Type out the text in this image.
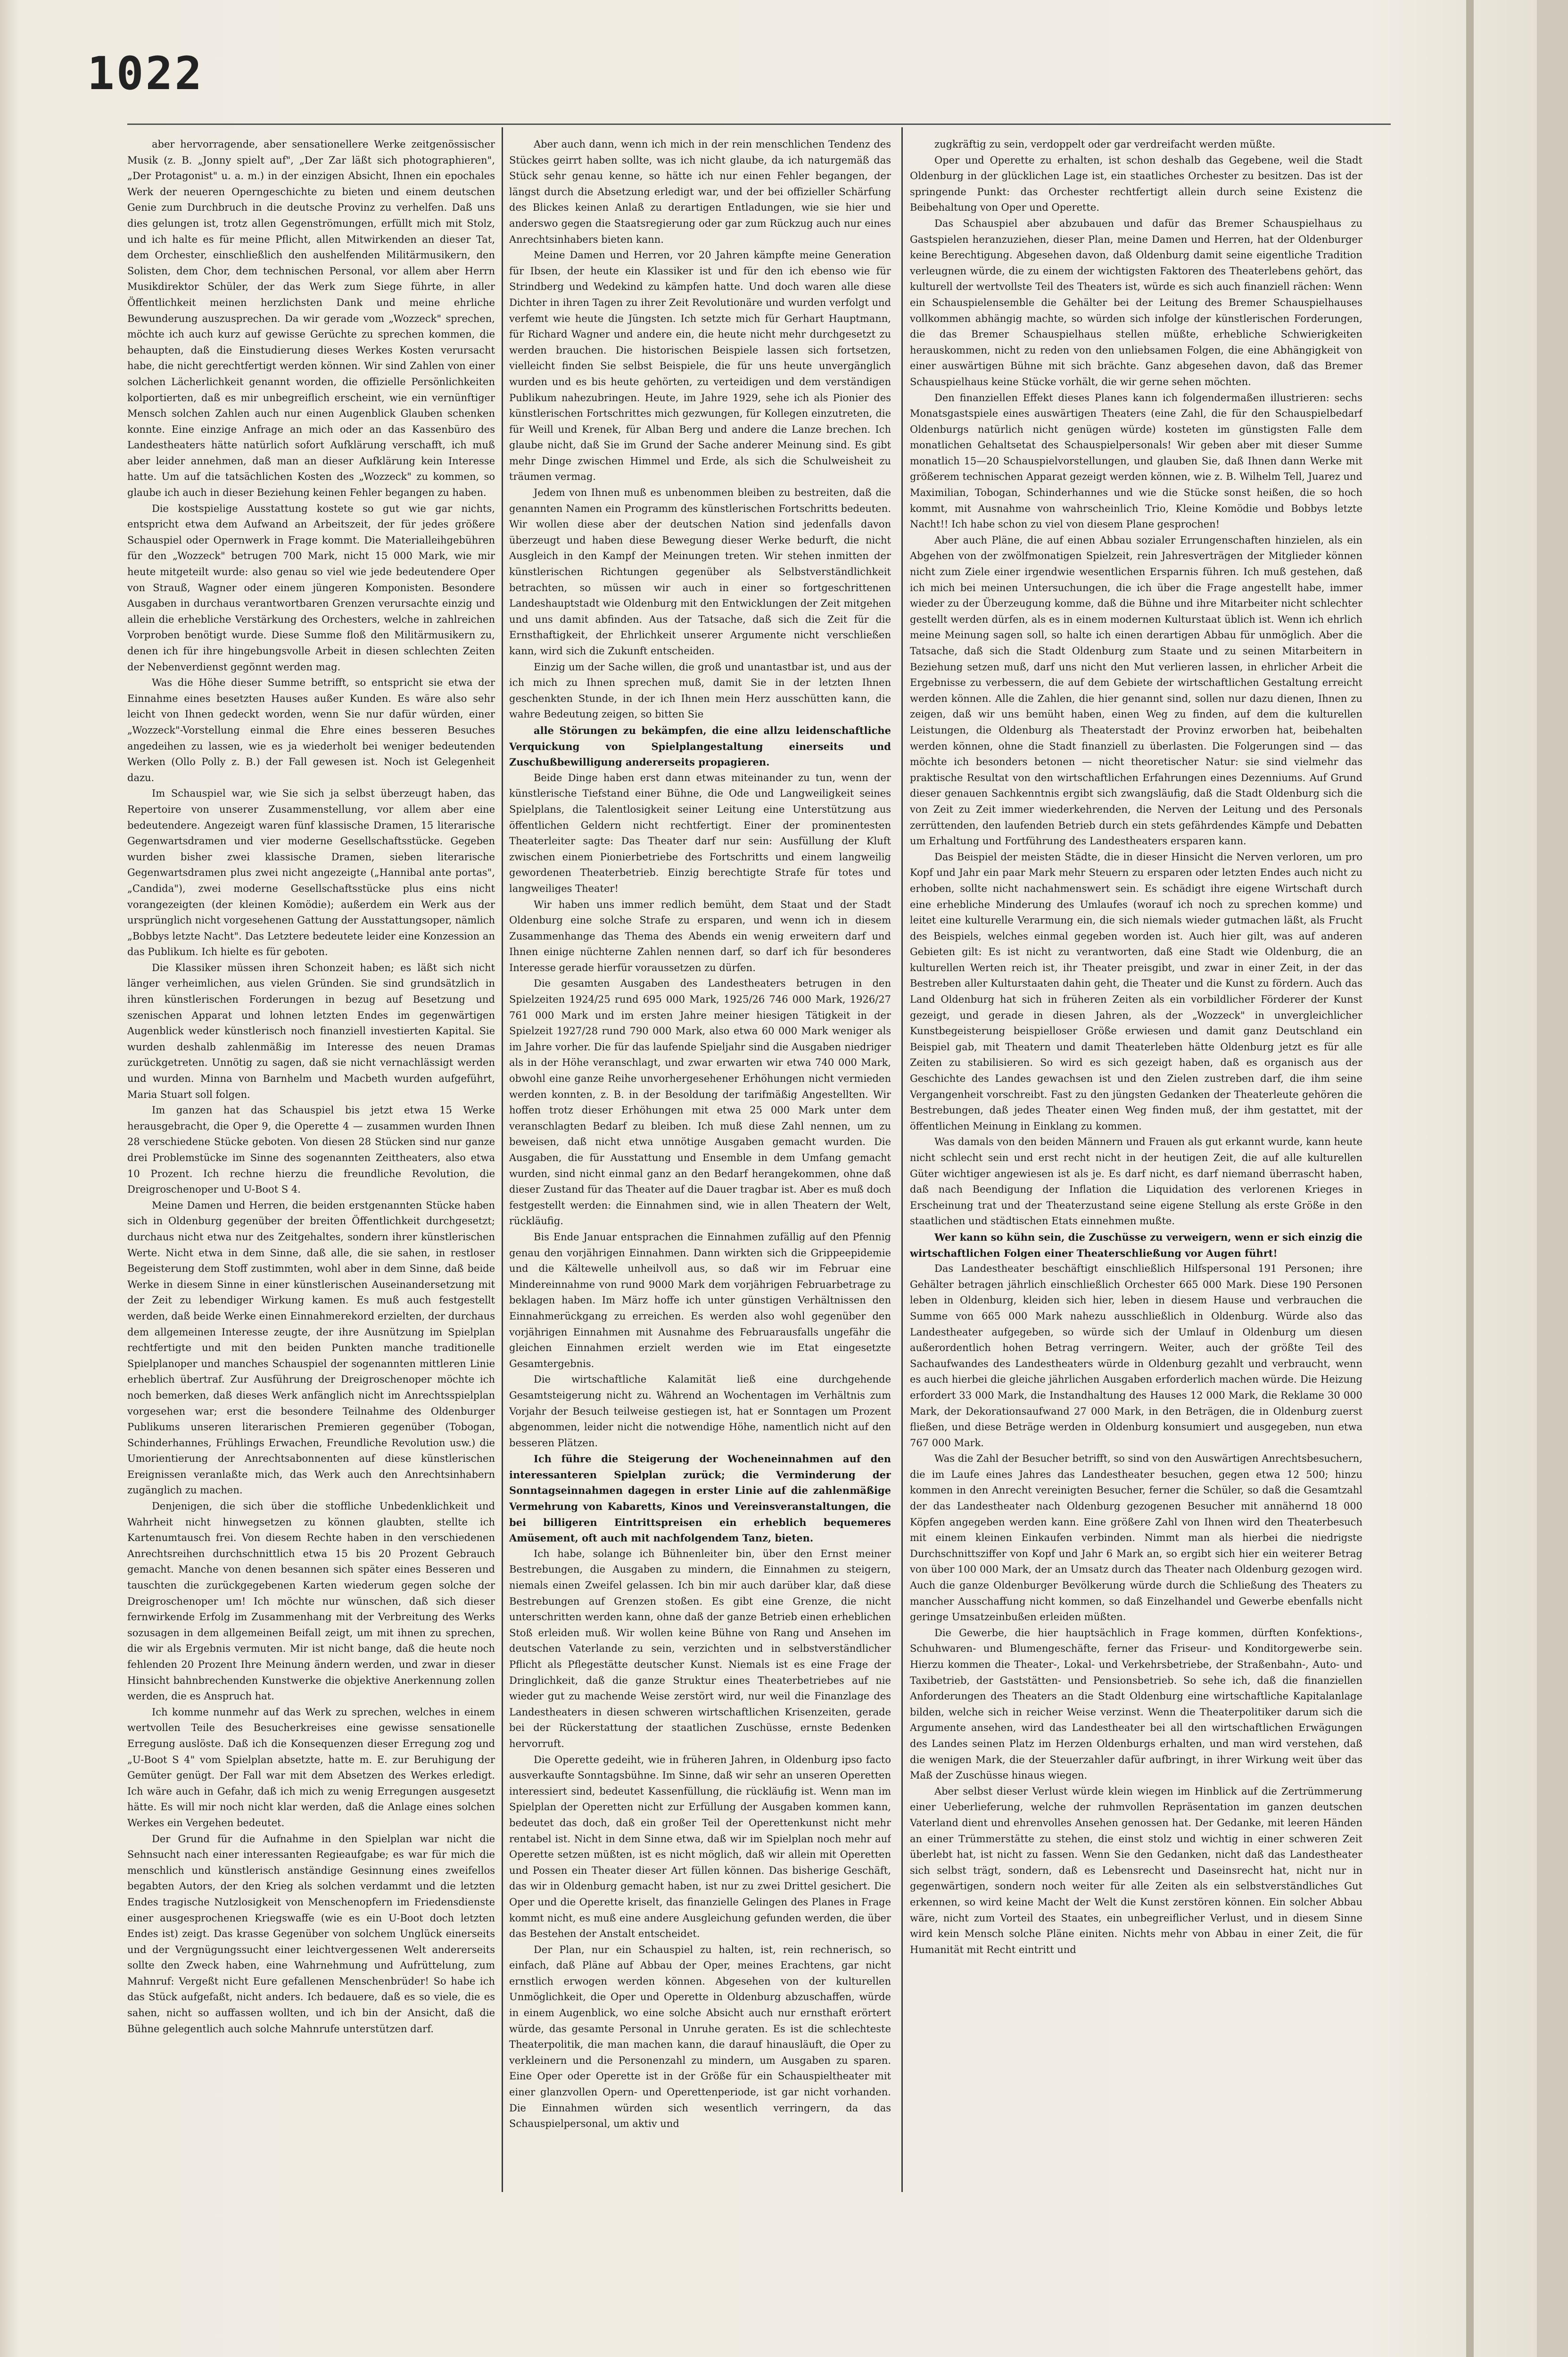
1022

aber hervorragende, aber sensationellere Werke zeitgenössischer Musik (z. B. „Jonny spielt auf", „Der Zar läßt sich photographieren", „Der Protagonist" u. a. m.) in der einzigen Absicht, Ihnen ein epochales Werk der neueren Operngeschichte zu bieten und einem deutschen Genie zum Durchbruch in die deutsche Provinz zu verhelfen. Daß uns dies gelungen ist, trotz allen Gegenströmungen, erfüllt mich mit Stolz, und ich halte es für meine Pflicht, allen Mitwirkenden an dieser Tat, dem Orchester, einschließlich den aushelfenden Militärmusikern, den Solisten, dem Chor, dem technischen Personal, vor allem aber Herrn Musikdirektor Schüler, der das Werk zum Siege führte, in aller Öffentlichkeit meinen herzlichsten Dank und meine ehrliche Bewunderung auszusprechen. Da wir gerade vom „Wozzeck" sprechen, möchte ich auch kurz auf gewisse Gerüchte zu sprechen kommen, die behaupten, daß die Einstudierung dieses Werkes Kosten verursacht habe, die nicht gerechtfertigt werden können. Wir sind Zahlen von einer solchen Lächerlichkeit genannt worden, die offizielle Persönlichkeiten kolportierten, daß es mir unbegreiflich erscheint, wie ein vernünftiger Mensch solchen Zahlen auch nur einen Augenblick Glauben schenken konnte. Eine einzige Anfrage an mich oder an das Kassenbüro des Landestheaters hätte natürlich sofort Aufklärung verschafft, ich muß aber leider annehmen, daß man an dieser Aufklärung kein Interesse hatte. Um auf die tatsächlichen Kosten des „Wozzeck" zu kommen, so glaube ich auch in dieser Beziehung keinen Fehler begangen zu haben.

Die kostspielige Ausstattung kostete so gut wie gar nichts, entspricht etwa dem Aufwand an Arbeitszeit, der für jedes größere Schauspiel oder Opernwerk in Frage kommt. Die Materialleihgebühren für den „Wozzeck" betrugen 700 Mark, nicht 15 000 Mark, wie mir heute mitgeteilt wurde: also genau so viel wie jede bedeutendere Oper von Strauß, Wagner oder einem jüngeren Komponisten. Besondere Ausgaben in durchaus verantwortbaren Grenzen verursachte einzig und allein die erhebliche Verstärkung des Orchesters, welche in zahlreichen Vorproben benötigt wurde. Diese Summe floß den Militärmusikern zu, denen ich für ihre hingebungsvolle Arbeit in diesen schlechten Zeiten der Nebenverdienst gegönnt werden mag.

Was die Höhe dieser Summe betrifft, so entspricht sie etwa der Einnahme eines besetzten Hauses außer Kunden. Es wäre also sehr leicht von Ihnen gedeckt worden, wenn Sie nur dafür würden, einer „Wozzeck"-Vorstellung einmal die Ehre eines besseren Besuches angedeihen zu lassen, wie es ja wiederholt bei weniger bedeutenden Werken (Ollo Polly z. B.) der Fall gewesen ist. Noch ist Gelegenheit dazu.

Im Schauspiel war, wie Sie sich ja selbst überzeugt haben, das Repertoire von unserer Zusammenstellung, vor allem aber eine bedeutendere. Angezeigt waren fünf klassische Dramen, 15 literarische Gegenwartsdramen und vier moderne Gesellschaftsstücke. Gegeben wurden bisher zwei klassische Dramen, sieben literarische Gegenwartsdramen plus zwei nicht angezeigte („Hannibal ante portas", „Candida"), zwei moderne Gesellschaftsstücke plus eins nicht vorangezeigten (der kleinen Komödie); außerdem ein Werk aus der ursprünglich nicht vorgesehenen Gattung der Ausstattungsoper, nämlich „Bobbys letzte Nacht". Das Letztere bedeutete leider eine Konzession an das Publikum. Ich hielte es für geboten.

Die Klassiker müssen ihren Schonzeit haben; es läßt sich nicht länger verheimlichen, aus vielen Gründen. Sie sind grundsätzlich in ihren künstlerischen Forderungen in bezug auf Besetzung und szenischen Apparat und lohnen letzten Endes im gegenwärtigen Augenblick weder künstlerisch noch finanziell investierten Kapital. Sie wurden deshalb zahlenmäßig im Interesse des neuen Dramas zurückgetreten. Unnötig zu sagen, daß sie nicht vernachlässigt werden und wurden. Minna von Barnhelm und Macbeth wurden aufgeführt, Maria Stuart soll folgen.

Im ganzen hat das Schauspiel bis jetzt etwa 15 Werke herausgebracht, die Oper 9, die Operette 4 — zusammen wurden Ihnen 28 verschiedene Stücke geboten. Von diesen 28 Stücken sind nur ganze drei Problemstücke im Sinne des sogenannten Zeittheaters, also etwa 10 Prozent. Ich rechne hierzu die freundliche Revolution, die Dreigroschenoper und U-Boot S 4.

Meine Damen und Herren, die beiden erstgenannten Stücke haben sich in Oldenburg gegenüber der breiten Öffentlichkeit durchgesetzt; durchaus nicht etwa nur des Zeitgehaltes, sondern ihrer künstlerischen Werte. Nicht etwa in dem Sinne, daß alle, die sie sahen, in restloser Begeisterung dem Stoff zustimmten, wohl aber in dem Sinne, daß beide Werke in diesem Sinne in einer künstlerischen Auseinandersetzung mit der Zeit zu lebendiger Wirkung kamen. Es muß auch festgestellt werden, daß beide Werke einen Einnahmerekord erzielten, der durchaus dem allgemeinen Interesse zeugte, der ihre Ausnützung im Spielplan rechtfertigte und mit den beiden Punkten manche traditionelle Spielplanoper und manches Schauspiel der sogenannten mittleren Linie erheblich übertraf. Zur Ausführung der Dreigroschenoper möchte ich noch bemerken, daß dieses Werk anfänglich nicht im Anrechtsspielplan vorgesehen war; erst die besondere Teilnahme des Oldenburger Publikums unseren literarischen Premieren gegenüber (Tobogan, Schinderhannes, Frühlings Erwachen, Freundliche Revolution usw.) die Umorientierung der Anrechtsabonnenten auf diese künstlerischen Ereignissen veranlaßte mich, das Werk auch den Anrechtsinhabern zugänglich zu machen.

Denjenigen, die sich über die stoffliche Unbedenklichkeit und Wahrheit nicht hinwegsetzen zu können glaubten, stellte ich Kartenumtausch frei. Von diesem Rechte haben in den verschiedenen Anrechtsreihen durchschnittlich etwa 15 bis 20 Prozent Gebrauch gemacht. Manche von denen besannen sich später eines Besseren und tauschten die zurückgegebenen Karten wiederum gegen solche der Dreigroschenoper um! Ich möchte nur wünschen, daß sich dieser fernwirkende Erfolg im Zusammenhang mit der Verbreitung des Werks sozusagen in dem allgemeinen Beifall zeigt, um mit ihnen zu sprechen, die wir als Ergebnis vermuten. Mir ist nicht bange, daß die heute noch fehlenden 20 Prozent Ihre Meinung ändern werden, und zwar in dieser Hinsicht bahnbrechenden Kunstwerke die objektive Anerkennung zollen werden, die es Anspruch hat.

Ich komme nunmehr auf das Werk zu sprechen, welches in einem wertvollen Teile des Besucherkreises eine gewisse sensationelle Erregung auslöste. Daß ich die Konsequenzen dieser Erregung zog und „U-Boot S 4" vom Spielplan absetzte, hatte m. E. zur Beruhigung der Gemüter genügt. Der Fall war mit dem Absetzen des Werkes erledigt. Ich wäre auch in Gefahr, daß ich mich zu wenig Erregungen ausgesetzt hätte. Es will mir noch nicht klar werden, daß die Anlage eines solchen Werkes ein Vergehen bedeutet.

Der Grund für die Aufnahme in den Spielplan war nicht die Sehnsucht nach einer interessanten Regieaufgabe; es war für mich die menschlich und künstlerisch anständige Gesinnung eines zweifellos begabten Autors, der den Krieg als solchen verdammt und die letzten Endes tragische Nutzlosigkeit von Menschenopfern im Friedensdienste einer ausgesprochenen Kriegswaffe (wie es ein U-Boot doch letzten Endes ist) zeigt. Das krasse Gegenüber von solchem Unglück einerseits und der Vergnügungssucht einer leichtvergessenen Welt andererseits sollte den Zweck haben, eine Wahrnehmung und Aufrüttelung, zum Mahnruf: Vergeßt nicht Eure gefallenen Menschenbrüder! So habe ich das Stück aufgefaßt, nicht anders. Ich bedauere, daß es so viele, die es sahen, nicht so auffassen wollten, und ich bin der Ansicht, daß die Bühne gelegentlich auch solche Mahnrufe unterstützen darf.

Aber auch dann, wenn ich mich in der rein menschlichen Tendenz des Stückes geirrt haben sollte, was ich nicht glaube, da ich naturgemäß das Stück sehr genau kenne, so hätte ich nur einen Fehler begangen, der längst durch die Absetzung erledigt war, und der bei offizieller Schärfung des Blickes keinen Anlaß zu derartigen Entladungen, wie sie hier und anderswo gegen die Staatsregierung oder gar zum Rückzug auch nur eines Anrechtsinhabers bieten kann.

Meine Damen und Herren, vor 20 Jahren kämpfte meine Generation für Ibsen, der heute ein Klassiker ist und für den ich ebenso wie für Strindberg und Wedekind zu kämpfen hatte. Und doch waren alle diese Dichter in ihren Tagen zu ihrer Zeit Revolutionäre und wurden verfolgt und verfemt wie heute die Jüngsten. Ich setzte mich für Gerhart Hauptmann, für Richard Wagner und andere ein, die heute nicht mehr durchgesetzt zu werden brauchen. Die historischen Beispiele lassen sich fortsetzen, vielleicht finden Sie selbst Beispiele, die für uns heute unvergänglich wurden und es bis heute gehörten, zu verteidigen und dem verständigen Publikum nahezubringen. Heute, im Jahre 1929, sehe ich als Pionier des künstlerischen Fortschrittes mich gezwungen, für Kollegen einzutreten, die für Weill und Krenek, für Alban Berg und andere die Lanze brechen. Ich glaube nicht, daß Sie im Grund der Sache anderer Meinung sind. Es gibt mehr Dinge zwischen Himmel und Erde, als sich die Schulweisheit zu träumen vermag.

Jedem von Ihnen muß es unbenommen bleiben zu bestreiten, daß die genannten Namen ein Programm des künstlerischen Fortschritts bedeuten. Wir wollen diese aber der deutschen Nation sind jedenfalls davon überzeugt und haben diese Bewegung dieser Werke bedurft, die nicht Ausgleich in den Kampf der Meinungen treten. Wir stehen inmitten der künstlerischen Richtungen gegenüber als Selbstverständlichkeit betrachten, so müssen wir auch in einer so fortgeschrittenen Landeshauptstadt wie Oldenburg mit den Entwicklungen der Zeit mitgehen und uns damit abfinden. Aus der Tatsache, daß sich die Zeit für die Ernsthaftigkeit, der Ehrlichkeit unserer Argumente nicht verschließen kann, wird sich die Zukunft entscheiden.

Einzig um der Sache willen, die groß und unantastbar ist, und aus der ich mich zu Ihnen sprechen muß, damit Sie in der letzten Ihnen geschenkten Stunde, in der ich Ihnen mein Herz ausschütten kann, die wahre Bedeutung zeigen, so bitten Sie

alle Störungen zu bekämpfen, die eine allzu leidenschaftliche Verquickung von Spielplangestaltung einerseits und Zuschußbewilligung andererseits propagieren.

Beide Dinge haben erst dann etwas miteinander zu tun, wenn der künstlerische Tiefstand einer Bühne, die Ode und Langweiligkeit seines Spielplans, die Talentlosigkeit seiner Leitung eine Unterstützung aus öffentlichen Geldern nicht rechtfertigt. Einer der prominentesten Theaterleiter sagte: Das Theater darf nur sein: Ausfüllung der Kluft zwischen einem Pionierbetriebe des Fortschritts und einem langweilig gewordenen Theaterbetrieb. Einzig berechtigte Strafe für totes und langweiliges Theater!

Wir haben uns immer redlich bemüht, dem Staat und der Stadt Oldenburg eine solche Strafe zu ersparen, und wenn ich in diesem Zusammenhange das Thema des Abends ein wenig erweitern darf und Ihnen einige nüchterne Zahlen nennen darf, so darf ich für besonderes Interesse gerade hierfür voraussetzen zu dürfen.

Die gesamten Ausgaben des Landestheaters betrugen in den Spielzeiten 1924/25 rund 695 000 Mark, 1925/26 746 000 Mark, 1926/27 761 000 Mark und im ersten Jahre meiner hiesigen Tätigkeit in der Spielzeit 1927/28 rund 790 000 Mark, also etwa 60 000 Mark weniger als im Jahre vorher. Die für das laufende Spieljahr sind die Ausgaben niedriger als in der Höhe veranschlagt, und zwar erwarten wir etwa 740 000 Mark, obwohl eine ganze Reihe unvorhergesehener Erhöhungen nicht vermieden werden konnten, z. B. in der Besoldung der tarifmäßig Angestellten. Wir hoffen trotz dieser Erhöhungen mit etwa 25 000 Mark unter dem veranschlagten Bedarf zu bleiben. Ich muß diese Zahl nennen, um zu beweisen, daß nicht etwa unnötige Ausgaben gemacht wurden. Die Ausgaben, die für Ausstattung und Ensemble in dem Umfang gemacht wurden, sind nicht einmal ganz an den Bedarf herangekommen, ohne daß dieser Zustand für das Theater auf die Dauer tragbar ist. Aber es muß doch festgestellt werden: die Einnahmen sind, wie in allen Theatern der Welt, rückläufig.

Bis Ende Januar entsprachen die Einnahmen zufällig auf den Pfennig genau den vorjährigen Einnahmen. Dann wirkten sich die Grippeepidemie und die Kältewelle unheilvoll aus, so daß wir im Februar eine Mindereinnahme von rund 9000 Mark dem vorjährigen Februarbetrage zu beklagen haben. Im März hoffe ich unter günstigen Verhältnissen den Einnahmerückgang zu erreichen. Es werden also wohl gegenüber den vorjährigen Einnahmen mit Ausnahme des Februarausfalls ungefähr die gleichen Einnahmen erzielt werden wie im Etat eingesetzte Gesamtergebnis.

Die wirtschaftliche Kalamität ließ eine durchgehende Gesamtsteigerung nicht zu. Während an Wochentagen im Verhältnis zum Vorjahr der Besuch teilweise gestiegen ist, hat er Sonntagen um Prozent abgenommen, leider nicht die notwendige Höhe, namentlich nicht auf den besseren Plätzen.

Ich führe die Steigerung der Wocheneinnahmen auf den interessanteren Spielplan zurück; die Verminderung der Sonntagseinnahmen dagegen in erster Linie auf die zahlenmäßige Vermehrung von Kabaretts, Kinos und Vereinsveranstaltungen, die bei billigeren Eintrittspreisen ein erheblich bequemeres Amüsement, oft auch mit nachfolgendem Tanz, bieten.

Ich habe, solange ich Bühnenleiter bin, über den Ernst meiner Bestrebungen, die Ausgaben zu mindern, die Einnahmen zu steigern, niemals einen Zweifel gelassen. Ich bin mir auch darüber klar, daß diese Bestrebungen auf Grenzen stoßen. Es gibt eine Grenze, die nicht unterschritten werden kann, ohne daß der ganze Betrieb einen erheblichen Stoß erleiden muß. Wir wollen keine Bühne von Rang und Ansehen im deutschen Vaterlande zu sein, verzichten und in selbstverständlicher Pflicht als Pflegestätte deutscher Kunst. Niemals ist es eine Frage der Dringlichkeit, daß die ganze Struktur eines Theaterbetriebes auf nie wieder gut zu machende Weise zerstört wird, nur weil die Finanzlage des Landestheaters in diesen schweren wirtschaftlichen Krisenzeiten, gerade bei der Rückerstattung der staatlichen Zuschüsse, ernste Bedenken hervorruft.

Die Operette gedeiht, wie in früheren Jahren, in Oldenburg ipso facto ausverkaufte Sonntagsbühne. Im Sinne, daß wir sehr an unseren Operetten interessiert sind, bedeutet Kassenfüllung, die rückläufig ist. Wenn man im Spielplan der Operetten nicht zur Erfüllung der Ausgaben kommen kann, bedeutet das doch, daß ein großer Teil der Operettenkunst nicht mehr rentabel ist. Nicht in dem Sinne etwa, daß wir im Spielplan noch mehr auf Operette setzen müßten, ist es nicht möglich, daß wir allein mit Operetten und Possen ein Theater dieser Art füllen können. Das bisherige Geschäft, das wir in Oldenburg gemacht haben, ist nur zu zwei Drittel gesichert. Die Oper und die Operette kriselt, das finanzielle Gelingen des Planes in Frage kommt nicht, es muß eine andere Ausgleichung gefunden werden, die über das Bestehen der Anstalt entscheidet.

Der Plan, nur ein Schauspiel zu halten, ist, rein rechnerisch, so einfach, daß Pläne auf Abbau der Oper, meines Erachtens, gar nicht ernstlich erwogen werden können. Abgesehen von der kulturellen Unmöglichkeit, die Oper und Operette in Oldenburg abzuschaffen, würde in einem Augenblick, wo eine solche Absicht auch nur ernsthaft erörtert würde, das gesamte Personal in Unruhe geraten. Es ist die schlechteste Theaterpolitik, die man machen kann, die darauf hinausläuft, die Oper zu verkleinern und die Personenzahl zu mindern, um Ausgaben zu sparen. Eine Oper oder Operette ist in der Größe für ein Schauspieltheater mit einer glanzvollen Opern- und Operettenperiode, ist gar nicht vorhanden. Die Einnahmen würden sich wesentlich verringern, da das Schauspielpersonal, um aktiv und

zugkräftig zu sein, verdoppelt oder gar verdreifacht werden müßte.

Oper und Operette zu erhalten, ist schon deshalb das Gegebene, weil die Stadt Oldenburg in der glücklichen Lage ist, ein staatliches Orchester zu besitzen. Das ist der springende Punkt: das Orchester rechtfertigt allein durch seine Existenz die Beibehaltung von Oper und Operette.

Das Schauspiel aber abzubauen und dafür das Bremer Schauspielhaus zu Gastspielen heranzuziehen, dieser Plan, meine Damen und Herren, hat der Oldenburger keine Berechtigung. Abgesehen davon, daß Oldenburg damit seine eigentliche Tradition verleugnen würde, die zu einem der wichtigsten Faktoren des Theaterlebens gehört, das kulturell der wertvollste Teil des Theaters ist, würde es sich auch finanziell rächen: Wenn ein Schauspielensemble die Gehälter bei der Leitung des Bremer Schauspielhauses vollkommen abhängig machte, so würden sich infolge der künstlerischen Forderungen, die das Bremer Schauspielhaus stellen müßte, erhebliche Schwierigkeiten herauskommen, nicht zu reden von den unliebsamen Folgen, die eine Abhängigkeit von einer auswärtigen Bühne mit sich brächte. Ganz abgesehen davon, daß das Bremer Schauspielhaus keine Stücke vorhält, die wir gerne sehen möchten.

Den finanziellen Effekt dieses Planes kann ich folgendermaßen illustrieren: sechs Monatsgastspiele eines auswärtigen Theaters (eine Zahl, die für den Schauspielbedarf Oldenburgs natürlich nicht genügen würde) kosteten im günstigsten Falle dem monatlichen Gehaltsetat des Schauspielpersonals! Wir geben aber mit dieser Summe monatlich 15—20 Schauspielvorstellungen, und glauben Sie, daß Ihnen dann Werke mit größerem technischen Apparat gezeigt werden können, wie z. B. Wilhelm Tell, Juarez und Maximilian, Tobogan, Schinderhannes und wie die Stücke sonst heißen, die so hoch kommt, mit Ausnahme von wahrscheinlich Trio, Kleine Komödie und Bobbys letzte Nacht!! Ich habe schon zu viel von diesem Plane gesprochen!

Aber auch Pläne, die auf einen Abbau sozialer Errungenschaften hinzielen, als ein Abgehen von der zwölfmonatigen Spielzeit, rein Jahresverträgen der Mitglieder können nicht zum Ziele einer irgendwie wesentlichen Ersparnis führen. Ich muß gestehen, daß ich mich bei meinen Untersuchungen, die ich über die Frage angestellt habe, immer wieder zu der Überzeugung komme, daß die Bühne und ihre Mitarbeiter nicht schlechter gestellt werden dürfen, als es in einem modernen Kulturstaat üblich ist. Wenn ich ehrlich meine Meinung sagen soll, so halte ich einen derartigen Abbau für unmöglich. Aber die Tatsache, daß sich die Stadt Oldenburg zum Staate und zu seinen Mitarbeitern in Beziehung setzen muß, darf uns nicht den Mut verlieren lassen, in ehrlicher Arbeit die Ergebnisse zu verbessern, die auf dem Gebiete der wirtschaftlichen Gestaltung erreicht werden können. Alle die Zahlen, die hier genannt sind, sollen nur dazu dienen, Ihnen zu zeigen, daß wir uns bemüht haben, einen Weg zu finden, auf dem die kulturellen Leistungen, die Oldenburg als Theaterstadt der Provinz erworben hat, beibehalten werden können, ohne die Stadt finanziell zu überlasten. Die Folgerungen sind — das möchte ich besonders betonen — nicht theoretischer Natur: sie sind vielmehr das praktische Resultat von den wirtschaftlichen Erfahrungen eines Dezenniums. Auf Grund dieser genauen Sachkenntnis ergibt sich zwangsläufig, daß die Stadt Oldenburg sich die von Zeit zu Zeit immer wiederkehrenden, die Nerven der Leitung und des Personals zerrüttenden, den laufenden Betrieb durch ein stets gefährdendes Kämpfe und Debatten um Erhaltung und Fortführung des Landestheaters ersparen kann.

Das Beispiel der meisten Städte, die in dieser Hinsicht die Nerven verloren, um pro Kopf und Jahr ein paar Mark mehr Steuern zu ersparen oder letzten Endes auch nicht zu erhoben, sollte nicht nachahmenswert sein. Es schädigt ihre eigene Wirtschaft durch eine erhebliche Minderung des Umlaufes (worauf ich noch zu sprechen komme) und leitet eine kulturelle Verarmung ein, die sich niemals wieder gutmachen läßt, als Frucht des Beispiels, welches einmal gegeben worden ist. Auch hier gilt, was auf anderen Gebieten gilt: Es ist nicht zu verantworten, daß eine Stadt wie Oldenburg, die an kulturellen Werten reich ist, ihr Theater preisgibt, und zwar in einer Zeit, in der das Bestreben aller Kulturstaaten dahin geht, die Theater und die Kunst zu fördern. Auch das Land Oldenburg hat sich in früheren Zeiten als ein vorbildlicher Förderer der Kunst gezeigt, und gerade in diesen Jahren, als der „Wozzeck" in unvergleichlicher Kunstbegeisterung beispielloser Größe erwiesen und damit ganz Deutschland ein Beispiel gab, mit Theatern und damit Theaterleben hätte Oldenburg jetzt es für alle Zeiten zu stabilisieren. So wird es sich gezeigt haben, daß es organisch aus der Geschichte des Landes gewachsen ist und den Zielen zustreben darf, die ihm seine Vergangenheit vorschreibt. Fast zu den jüngsten Gedanken der Theaterleute gehören die Bestrebungen, daß jedes Theater einen Weg finden muß, der ihm gestattet, mit der öffentlichen Meinung in Einklang zu kommen.

Was damals von den beiden Männern und Frauen als gut erkannt wurde, kann heute nicht schlecht sein und erst recht nicht in der heutigen Zeit, die auf alle kulturellen Güter wichtiger angewiesen ist als je. Es darf nicht, es darf niemand überrascht haben, daß nach Beendigung der Inflation die Liquidation des verlorenen Krieges in Erscheinung trat und der Theaterzustand seine eigene Stellung als erste Größe in den staatlichen und städtischen Etats einnehmen mußte.

Wer kann so kühn sein, die Zuschüsse zu verweigern, wenn er sich einzig die wirtschaftlichen Folgen einer Theaterschließung vor Augen führt!

Das Landestheater beschäftigt einschließlich Hilfspersonal 191 Personen; ihre Gehälter betragen jährlich einschließlich Orchester 665 000 Mark. Diese 190 Personen leben in Oldenburg, kleiden sich hier, leben in diesem Hause und verbrauchen die Summe von 665 000 Mark nahezu ausschließlich in Oldenburg. Würde also das Landestheater aufgegeben, so würde sich der Umlauf in Oldenburg um diesen außerordentlich hohen Betrag verringern. Weiter, auch der größte Teil des Sachaufwandes des Landestheaters würde in Oldenburg gezahlt und verbraucht, wenn es auch hierbei die gleiche jährlichen Ausgaben erforderlich machen würde. Die Heizung erfordert 33 000 Mark, die Instandhaltung des Hauses 12 000 Mark, die Reklame 30 000 Mark, der Dekorationsaufwand 27 000 Mark, in den Beträgen, die in Oldenburg zuerst fließen, und diese Beträge werden in Oldenburg konsumiert und ausgegeben, nun etwa 767 000 Mark.

Was die Zahl der Besucher betrifft, so sind von den Auswärtigen Anrechtsbesuchern, die im Laufe eines Jahres das Landestheater besuchen, gegen etwa 12 500; hinzu kommen in den Anrecht vereinigten Besucher, ferner die Schüler, so daß die Gesamtzahl der das Landestheater nach Oldenburg gezogenen Besucher mit annähernd 18 000 Köpfen angegeben werden kann. Eine größere Zahl von Ihnen wird den Theaterbesuch mit einem kleinen Einkaufen verbinden. Nimmt man als hierbei die niedrigste Durchschnittsziffer von Kopf und Jahr 6 Mark an, so ergibt sich hier ein weiterer Betrag von über 100 000 Mark, der an Umsatz durch das Theater nach Oldenburg gezogen wird. Auch die ganze Oldenburger Bevölkerung würde durch die Schließung des Theaters zu mancher Ausschaffung nicht kommen, so daß Einzelhandel und Gewerbe ebenfalls nicht geringe Umsatzeinbußen erleiden müßten.

Die Gewerbe, die hier hauptsächlich in Frage kommen, dürften Konfektions-, Schuhwaren- und Blumengeschäfte, ferner das Friseur- und Konditorgewerbe sein. Hierzu kommen die Theater-, Lokal- und Verkehrsbetriebe, der Straßenbahn-, Auto- und Taxibetrieb, der Gaststätten- und Pensionsbetrieb. So sehe ich, daß die finanziellen Anforderungen des Theaters an die Stadt Oldenburg eine wirtschaftliche Kapitalanlage bilden, welche sich in reicher Weise verzinst. Wenn die Theaterpolitiker darum sich die Argumente ansehen, wird das Landestheater bei all den wirtschaftlichen Erwägungen des Landes seinen Platz im Herzen Oldenburgs erhalten, und man wird verstehen, daß die wenigen Mark, die der Steuerzahler dafür aufbringt, in ihrer Wirkung weit über das Maß der Zuschüsse hinaus wiegen.

Aber selbst dieser Verlust würde klein wiegen im Hinblick auf die Zertrümmerung einer Ueberlieferung, welche der ruhmvollen Repräsentation im ganzen deutschen Vaterland dient und ehrenvolles Ansehen genossen hat. Der Gedanke, mit leeren Händen an einer Trümmerstätte zu stehen, die einst stolz und wichtig in einer schweren Zeit überlebt hat, ist nicht zu fassen. Wenn Sie den Gedanken, nicht daß das Landestheater sich selbst trägt, sondern, daß es Lebensrecht und Daseinsrecht hat, nicht nur in gegenwärtigen, sondern noch weiter für alle Zeiten als ein selbstverständliches Gut erkennen, so wird keine Macht der Welt die Kunst zerstören können. Ein solcher Abbau wäre, nicht zum Vorteil des Staates, ein unbegreiflicher Verlust, und in diesem Sinne wird kein Mensch solche Pläne einiten. Nichts mehr von Abbau in einer Zeit, die für Humanität mit Recht eintritt und
